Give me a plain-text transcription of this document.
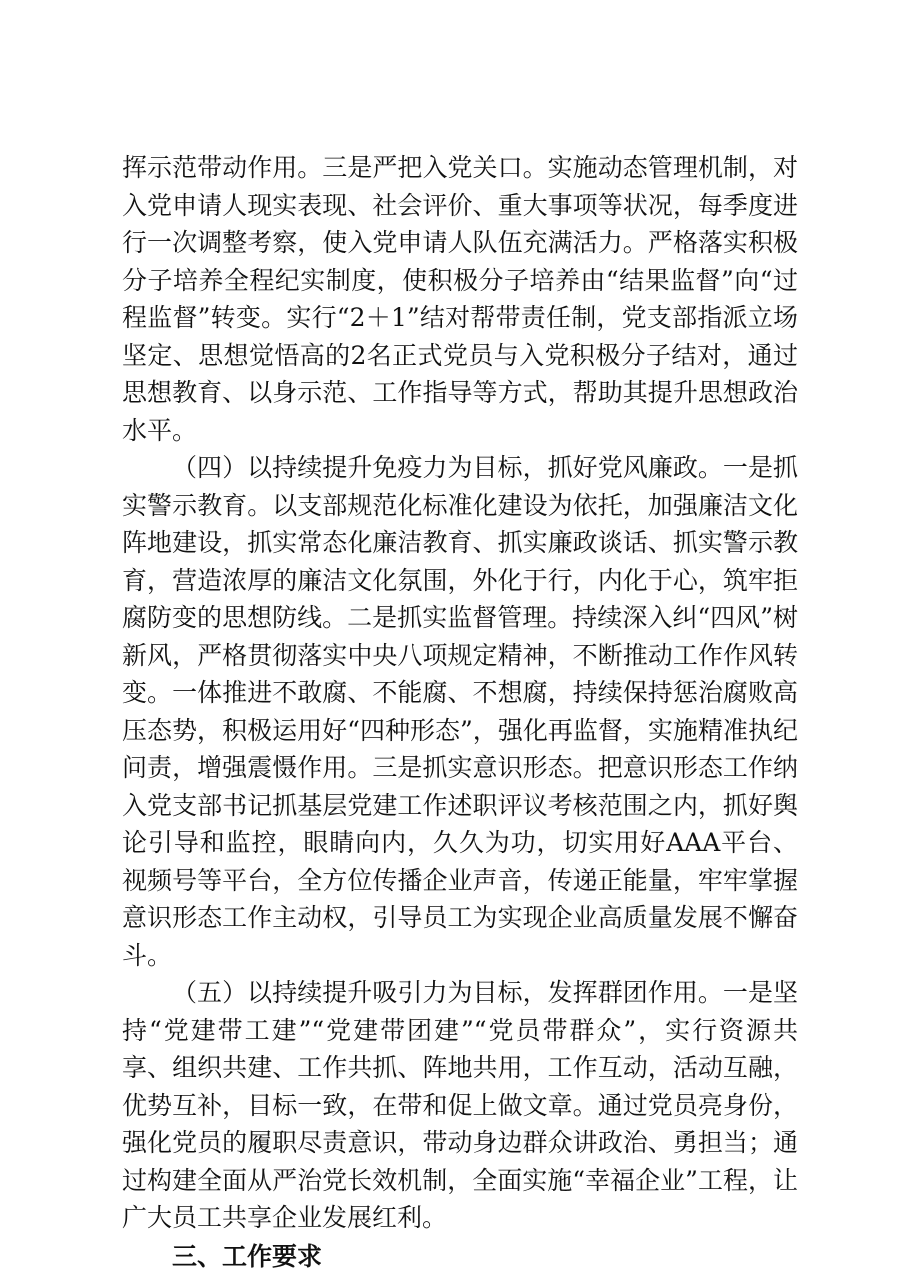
挥示范带动作用。三是严把入党关口。实施动态管理机制，对入党申请人现实表现、社会评价、重大事项等状况，每季度进行一次调整考察，使入党申请人队伍充满活力。严格落实积极分子培养全程纪实制度，使积极分子培养由“结果监督”向“过程监督”转变。实行“2＋1”结对帮带责任制，党支部指派立场坚定、思想觉悟高的2名正式党员与入党积极分子结对，通过思想教育、以身示范、工作指导等方式，帮助其提升思想政治水平。

（四）以持续提升免疫力为目标，抓好党风廉政。一是抓实警示教育。以支部规范化标准化建设为依托，加强廉洁文化阵地建设，抓实常态化廉洁教育、抓实廉政谈话、抓实警示教育，营造浓厚的廉洁文化氛围，外化于行，内化于心，筑牢拒腐防变的思想防线。二是抓实监督管理。持续深入纠“四风”树新风，严格贯彻落实中央八项规定精神，不断推动工作作风转变。一体推进不敢腐、不能腐、不想腐，持续保持惩治腐败高压态势，积极运用好“四种形态”，强化再监督，实施精准执纪问责，增强震慑作用。三是抓实意识形态。把意识形态工作纳入党支部书记抓基层党建工作述职评议考核范围之内，抓好舆论引导和监控，眼睛向内，久久为功，切实用好AAA平台、视频号等平台，全方位传播企业声音，传递正能量，牢牢掌握意识形态工作主动权，引导员工为实现企业高质量发展不懈奋斗。

（五）以持续提升吸引力为目标，发挥群团作用。一是坚持“党建带工建”“党建带团建”“党员带群众”，实行资源共享、组织共建、工作共抓、阵地共用，工作互动，活动互融，优势互补，目标一致，在带和促上做文章。通过党员亮身份，强化党员的履职尽责意识，带动身边群众讲政治、勇担当；通过构建全面从严治党长效机制，全面实施“幸福企业”工程，让广大员工共享企业发展红利。

三、工作要求
